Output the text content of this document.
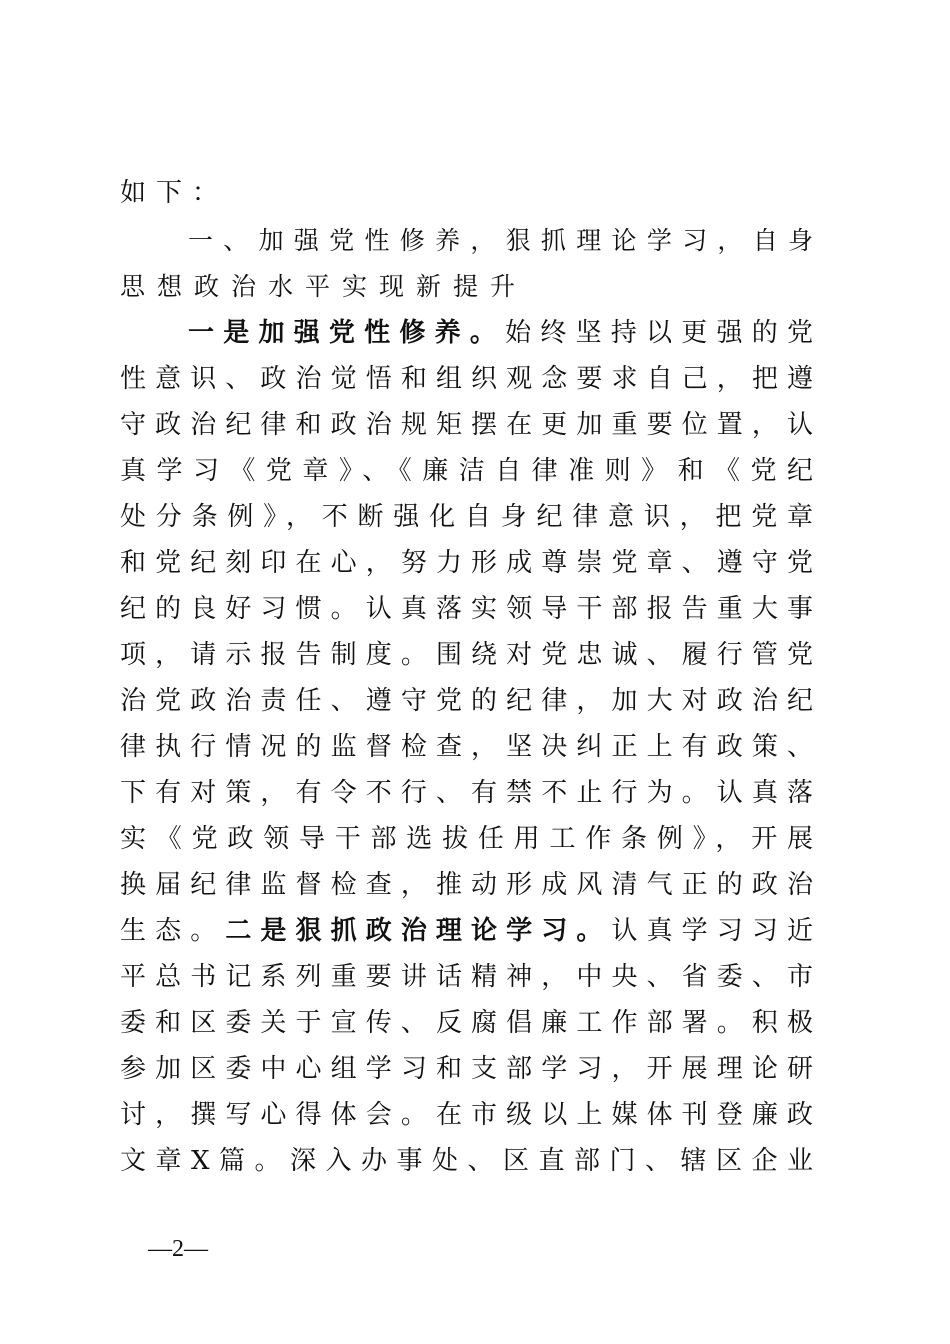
如下：
一、加强党性修养，狠抓理论学习，自身
思想政治水平实现新提升
一是加强党性修养。始终坚持以更强的党
性意识、政治觉悟和组织观念要求自己，把遵
守政治纪律和政治规矩摆在更加重要位置，认
真学习《党章》、《廉洁自律准则》和《党纪
处分条例》，不断强化自身纪律意识，把党章
和党纪刻印在心，努力形成尊崇党章、遵守党
纪的良好习惯。认真落实领导干部报告重大事
项，请示报告制度。围绕对党忠诚、履行管党
治党政治责任、遵守党的纪律，加大对政治纪
律执行情况的监督检查，坚决纠正上有政策、
下有对策，有令不行、有禁不止行为。认真落
实《党政领导干部选拔任用工作条例》，开展
换届纪律监督检查，推动形成风清气正的政治
生态。二是狠抓政治理论学习。认真学习习近
平总书记系列重要讲话精神，中央、省委、市
委和区委关于宣传、反腐倡廉工作部署。积极
参加区委中心组学习和支部学习，开展理论研
讨，撰写心得体会。在市级以上媒体刊登廉政
文章X篇。深入办事处、区直部门、辖区企业
—2—
